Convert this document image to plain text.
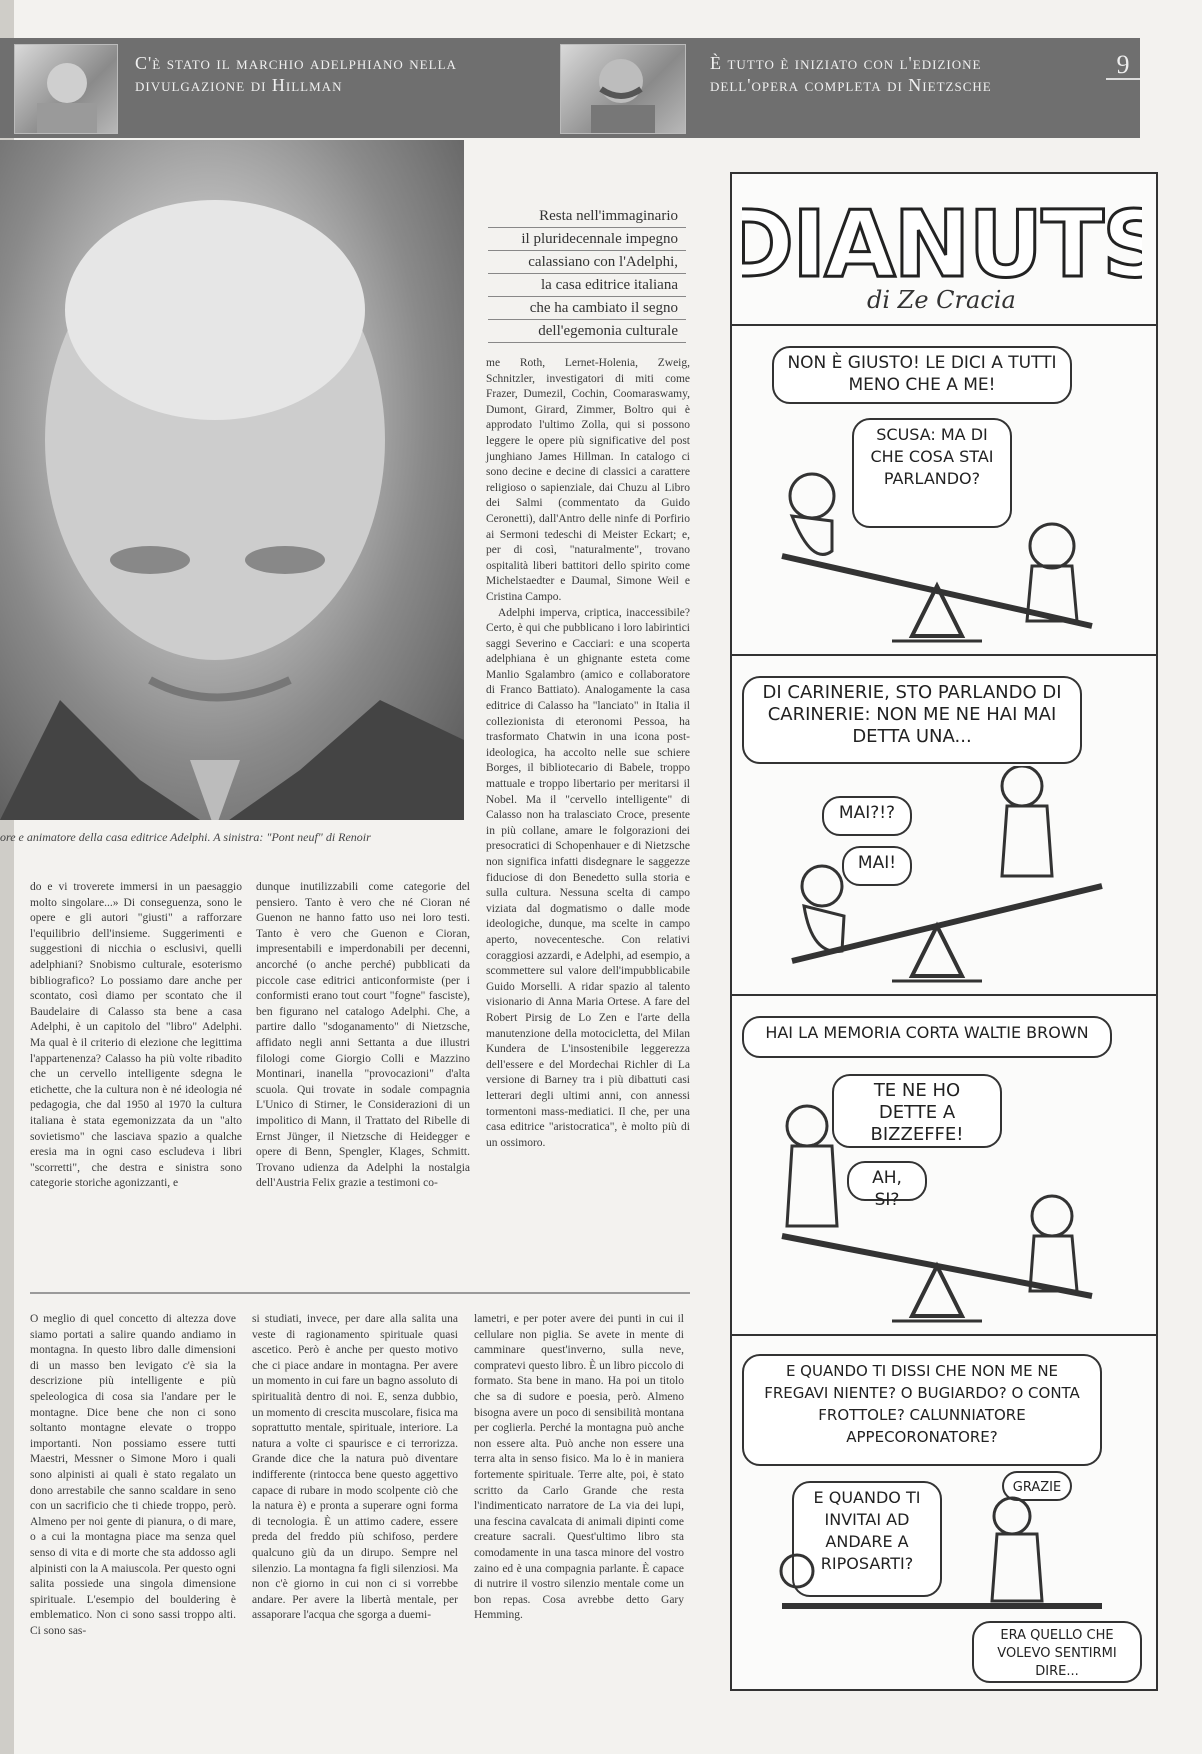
C'è stato il marchio adelphiano nella divulgazione di Hillman
È tutto è iniziato con l'edizione dell'opera completa di Nietzsche
9
ore e animatore della casa editrice Adelphi. A sinistra: "Pont neuf" di Renoir
Resta nell'immaginario
il pluridecennale impegno
calassiano con l'Adelphi,
la casa editrice italiana
che ha cambiato il segno
dell'egemonia culturale

me Roth, Lernet-Holenia, Zweig, Schnitzler, investigatori di miti come Frazer, Dumezil, Cochin, Coomaraswamy, Dumont, Girard, Zimmer, Boltro qui è approdato l'ultimo Zolla, qui si possono leggere le opere più significative del post junghiano James Hillman. In catalogo ci sono decine e decine di classici a carattere religioso o sapienziale, dai Chuzu al Libro dei Salmi (commentato da Guido Ceronetti), dall'Antro delle ninfe di Porfirio ai Sermoni tedeschi di Meister Eckart; e, per di così, "naturalmente", trovano ospitalità liberi battitori dello spirito come Michelstaedter e Daumal, Simone Weil e Cristina Campo.

Adelphi imperva, criptica, inaccessibile? Certo, è qui che pubblicano i loro labirintici saggi Severino e Cacciari: e una scoperta adelphiana è un ghignante esteta come Manlio Sgalambro (amico e collaboratore di Franco Battiato). Analogamente la casa editrice di Calasso ha "lanciato" in Italia il collezionista di eteronomi Pessoa, ha trasformato Chatwin in una icona post-ideologica, ha accolto nelle sue schiere Borges, il bibliotecario di Babele, troppo mattuale e troppo libertario per meritarsi il Nobel. Ma il "cervello intelligente" di Calasso non ha tralasciato Croce, presente in più collane, amare le folgorazioni dei presocratici di Schopenhauer e di Nietzsche non significa infatti disdegnare le saggezze fiduciose di don Benedetto sulla storia e sulla cultura. Nessuna scelta di campo viziata dal dogmatismo o dalle mode ideologiche, dunque, ma scelte in campo aperto, novecentesche. Con relativi coraggiosi azzardi, e Adelphi, ad esempio, a scommettere sul valore dell'impubblicabile Guido Morselli. A ridar spazio al talento visionario di Anna Maria Ortese. A fare del Robert Pirsig de Lo Zen e l'arte della manutenzione della motocicletta, del Milan Kundera de L'insostenibile leggerezza dell'essere e del Mordechai Richler di La versione di Barney tra i più dibattuti casi letterari degli ultimi anni, con annessi tormentoni mass-mediatici. Il che, per una casa editrice "aristocratica", è molto più di un ossimoro.

do e vi troverete immersi in un paesaggio molto singolare...» Di conseguenza, sono le opere e gli autori "giusti" a rafforzare l'equilibrio dell'insieme. Suggerimenti e suggestioni di nicchia o esclusivi, quelli adelphiani? Snobismo culturale, esoterismo bibliografico? Lo possiamo dare anche per scontato, così diamo per scontato che il Baudelaire di Calasso sta bene a casa Adelphi, è un capitolo del "libro" Adelphi. Ma qual è il criterio di elezione che legittima l'appartenenza? Calasso ha più volte ribadito che un cervello intelligente sdegna le etichette, che la cultura non è né ideologia né pedagogia, che dal 1950 al 1970 la cultura italiana è stata egemonizzata da un "alto sovietismo" che lasciava spazio a qualche eresia ma in ogni caso escludeva i libri "scorretti", che destra e sinistra sono categorie storiche agonizzanti, e

dunque inutilizzabili come categorie del pensiero. Tanto è vero che né Cioran né Guenon ne hanno fatto uso nei loro testi. Tanto è vero che Guenon e Cioran, impresentabili e imperdonabili per decenni, ancorché (o anche perché) pubblicati da piccole case editrici anticonformiste (per i conformisti erano tout court "fogne" fasciste), ben figurano nel catalogo Adelphi. Che, a partire dallo "sdoganamento" di Nietzsche, affidato negli anni Settanta a due illustri filologi come Giorgio Colli e Mazzino Montinari, inanella "provocazioni" d'alta scuola. Qui trovate in sodale compagnia L'Unico di Stirner, le Considerazioni di un impolitico di Mann, il Trattato del Ribelle di Ernst Jünger, il Nietzsche di Heidegger e opere di Benn, Spengler, Klages, Schmitt. Trovano udienza da Adelphi la nostalgia dell'Austria Felix grazie a testimoni co-

O meglio di quel concetto di altezza dove siamo portati a salire quando andiamo in montagna. In questo libro dalle dimensioni di un masso ben levigato c'è sia la descrizione più intelligente e più speleologica di cosa sia l'andare per le montagne. Dice bene che non ci sono soltanto montagne elevate o troppo importanti. Non possiamo essere tutti Maestri, Messner o Simone Moro i quali sono alpinisti ai quali è stato regalato un dono arrestabile che sanno scaldare in seno con un sacrificio che ti chiede troppo, però. Almeno per noi gente di pianura, o di mare, o a cui la montagna piace ma senza quel senso di vita e di morte che sta addosso agli alpinisti con la A maiuscola. Per questo ogni salita possiede una singola dimensione spirituale. L'esempio del bouldering è emblematico. Non ci sono sassi troppo alti. Ci sono sas-

si studiati, invece, per dare alla salita una veste di ragionamento spirituale quasi ascetico. Però è anche per questo motivo che ci piace andare in montagna. Per avere un momento in cui fare un bagno assoluto di spiritualità dentro di noi. E, senza dubbio, un momento di crescita muscolare, fisica ma soprattutto mentale, spirituale, interiore. La natura a volte ci spaurisce e ci terrorizza. Grande dice che la natura può diventare indifferente (rintocca bene questo aggettivo capace di rubare in modo scolpente ciò che la natura è) e pronta a superare ogni forma di tecnologia. È un attimo cadere, essere preda del freddo più schifoso, perdere qualcuno giù da un dirupo. Sempre nel silenzio. La montagna fa figli silenziosi. Ma non c'è giorno in cui non ci si vorrebbe andare. Per avere la libertà mentale, per assaporare l'acqua che sgorga a duemi-

lametri, e per poter avere dei punti in cui il cellulare non piglia. Se avete in mente di camminare quest'inverno, sulla neve, compratevi questo libro. È un libro piccolo di formato. Sta bene in mano. Ha poi un titolo che sa di sudore e poesia, però. Almeno bisogna avere un poco di sensibilità montana per coglierla. Perché la montagna può anche non essere alta. Può anche non essere una terra alta in senso fisico. Ma lo è in maniera fortemente spirituale. Terre alte, poi, è stato scritto da Carlo Grande che resta l'indimenticato narratore de La via dei lupi, una fescina cavalcata di animali dipinti come creature sacrali. Quest'ultimo libro sta comodamente in una tasca minore del vostro zaino ed è una compagnia parlante. È capace di nutrire il vostro silenzio mentale come un bon repas. Cosa avrebbe detto Gary Hemming.

DIANUTS
di Ze Cracia
NON È GIUSTO! LE DICI A TUTTI MENO CHE A ME!
SCUSA: MA DI CHE COSA STAI PARLANDO?
DI CARINERIE, STO PARLANDO DI CARINERIE: NON ME NE HAI MAI DETTA UNA...
MAI?!?
MAI!
HAI LA MEMORIA CORTA WALTIE BROWN
TE NE HO DETTE A BIZZEFFE!
AH, SI?
E QUANDO TI DISSI CHE NON ME NE FREGAVI NIENTE? O BUGIARDO? O CONTA FROTTOLE? CALUNNIATORE APPECORONATORE?
GRAZIE
E QUANDO TI INVITAI AD ANDARE A RIPOSARTI?
ERA QUELLO CHE VOLEVO SENTIRMI DIRE...
